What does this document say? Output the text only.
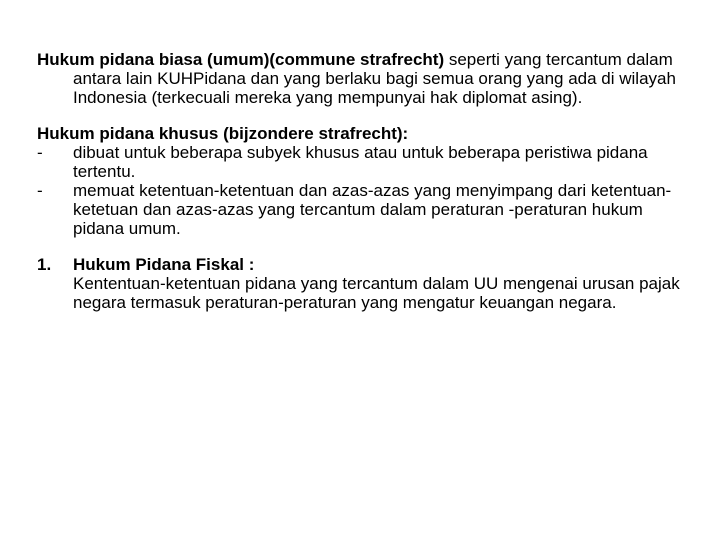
Hukum pidana biasa (umum)(commune strafrecht) seperti yang tercantum dalam antara lain KUHPidana dan yang berlaku bagi semua orang yang ada di wilayah Indonesia (terkecuali mereka yang mempunyai hak diplomat asing).

Hukum pidana khusus (bijzondere strafrecht):

-	dibuat untuk beberapa subyek khusus atau untuk beberapa peristiwa pidana tertentu.
-	memuat ketentuan-ketentuan dan azas-azas yang menyimpang dari ketentuan-ketetuan dan azas-azas yang tercantum dalam peraturan -peraturan hukum pidana umum.
1.	Hukum Pidana Fiskal :

Kententuan-ketentuan pidana yang tercantum dalam UU mengenai urusan pajak negara termasuk peraturan-peraturan yang mengatur keuangan negara.
